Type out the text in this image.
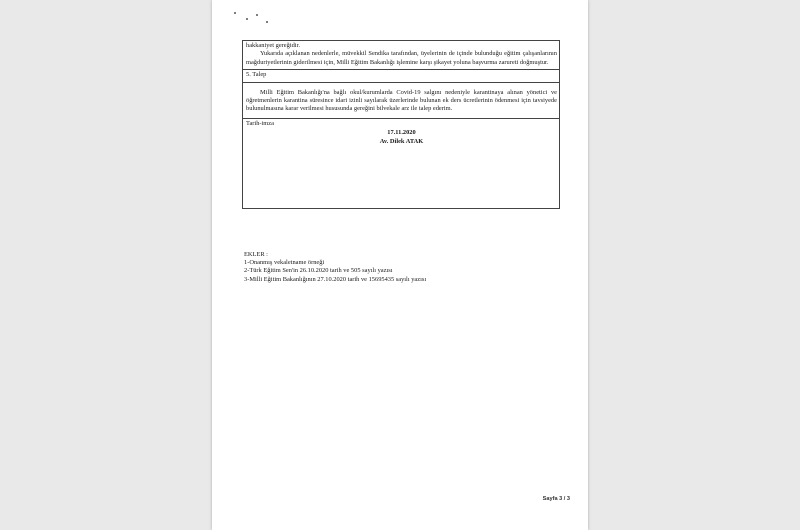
hakkaniyet gereğidir.

Yukarıda açıklanan nedenlerle, müvekkil Sendika tarafından, üyelerinin de içinde bulunduğu eğitim çalışanlarının mağduriyetlerinin giderilmesi için, Milli Eğitim Bakanlığı işlemine karşı şikayet yoluna başvurma zarureti doğmuştur.

5. Talep

Milli Eğitim Bakanlığı'na bağlı okul/kurumlarda Covid-19 salgını nedeniyle karantinaya alınan yönetici ve öğretmenlerin karantina süresince idari izinli sayılarak üzerlerinde bulunan ek ders ücretlerinin ödenmesi için tavsiyede bulunulmasına karar verilmesi hususunda gereğini bilvekale arz ile talep ederim.

Tarih-imza
17.11.2020
Av. Dilek ATAK
EKLER :
1-Onanmış vekaletname örneği
2-Türk Eğitim Sen'in 26.10.2020 tarih ve 505 sayılı yazısı
3-Milli Eğitim Bakanlığının 27.10.2020 tarih ve 15695435 sayılı yazısı
Sayfa 3 / 3
